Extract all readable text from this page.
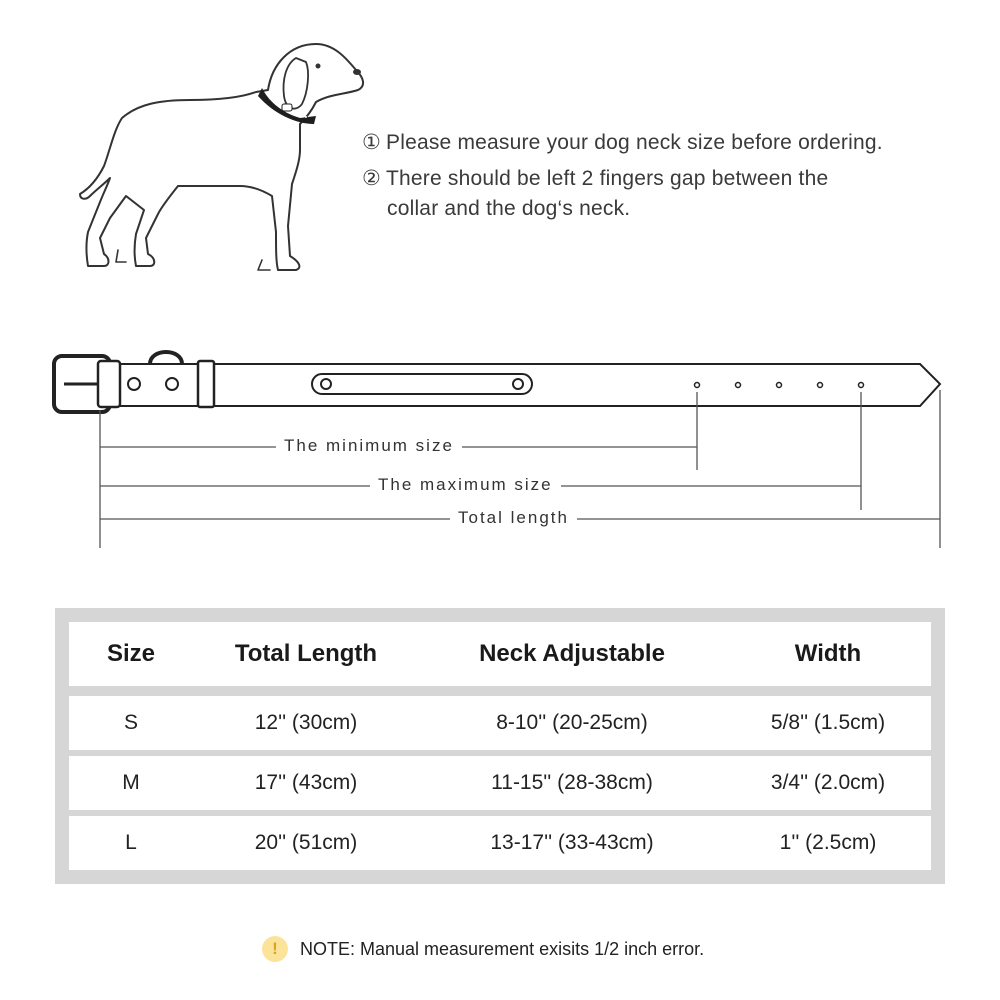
① Please measure your dog neck size before ordering.
② There should be left 2 fingers gap between the
collar and the dog‘s neck.
The minimum size
The maximum size
Total length
Size	Total Length	Neck Adjustable	Width
S	12'' (30cm)	8-10'' (20-25cm)	5/8'' (1.5cm)
M	17'' (43cm)	11-15'' (28-38cm)	3/4'' (2.0cm)
L	20'' (51cm)	13-17'' (33-43cm)	1'' (2.5cm)
!	NOTE: Manual measurement exisits 1/2 inch error.
